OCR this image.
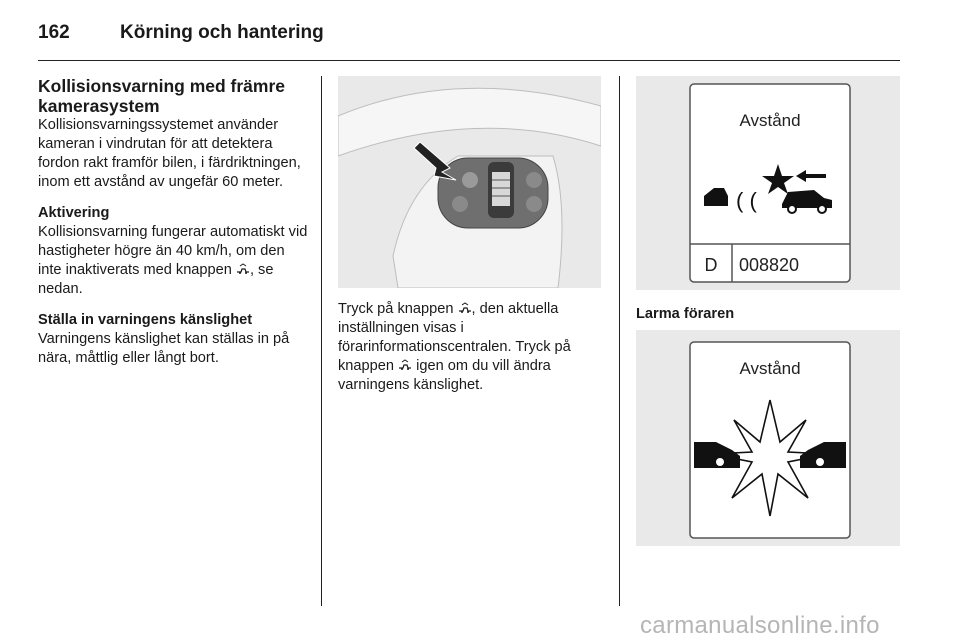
162	Körning och hantering
Kollisionsvarning med främre kamerasystem

Kollisionsvarningssystemet använder kameran i vindrutan för att detektera fordon rakt framför bilen, i färdriktningen, inom ett avstånd av ungefär 60 meter.

Aktivering

Kollisionsvarning fungerar automatiskt vid hastigheter högre än 40 km/h, om den inte inaktiverats med knappen , se nedan.

Ställa in varningens känslighet

Varningens känslighet kan ställas in på nära, måttlig eller långt bort.

Tryck på knappen , den aktuella inställningen visas i förarinformationscentralen. Tryck på knappen igen om du vill ändra varningens känslighet.
Avstånd
( (
D 008820
Larma föraren
Avstånd
carmanualsonline.info
